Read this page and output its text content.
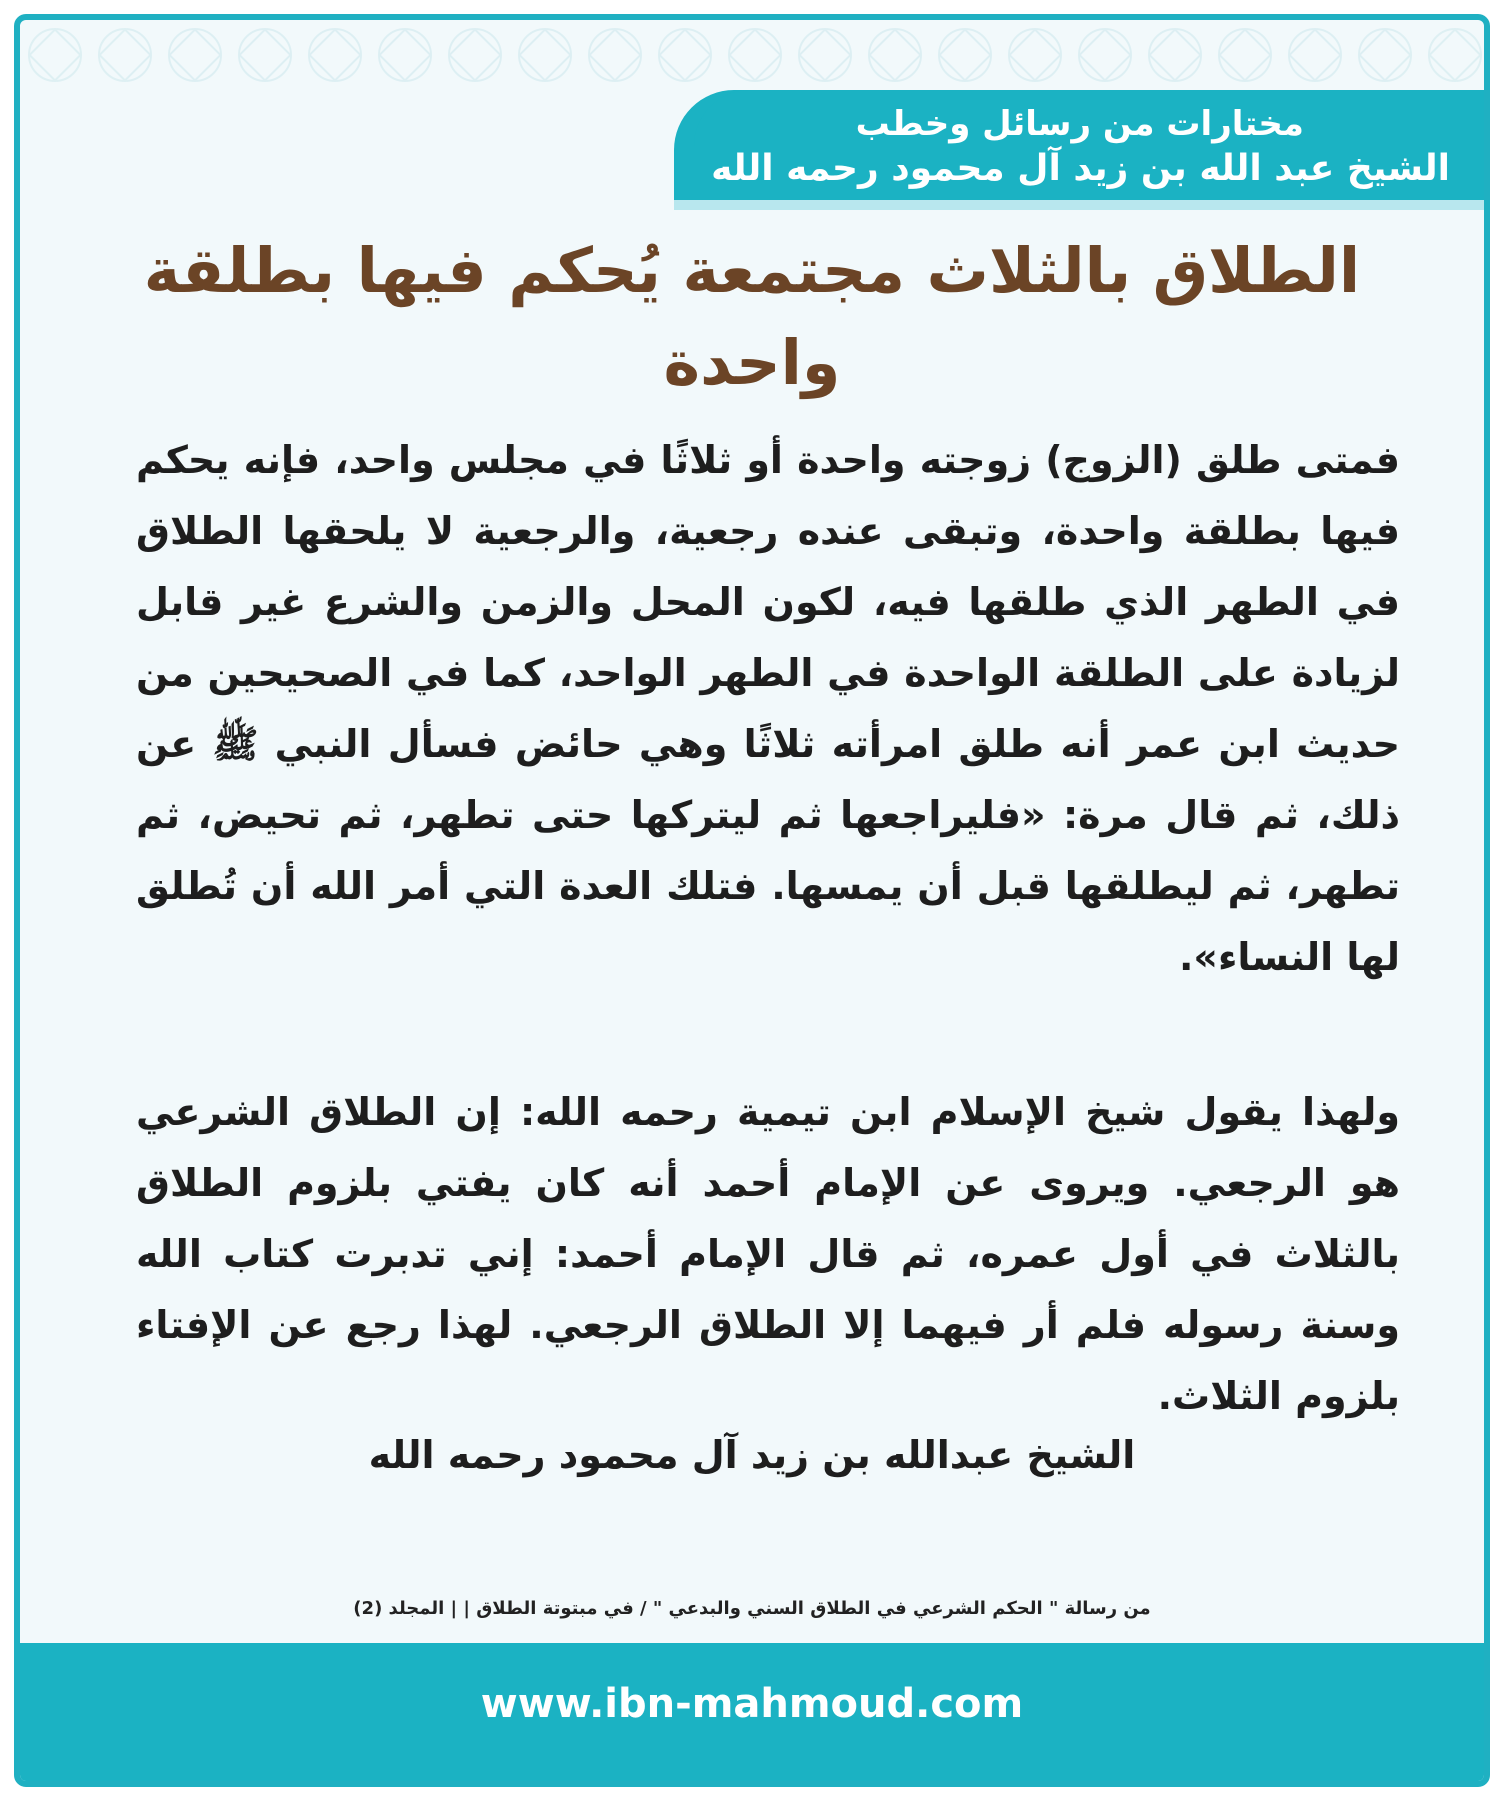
مختارات من رسائل وخطب
الشيخ عبد الله بن زيد آل محمود رحمه الله
الطلاق بالثلاث مجتمعة يُحكم فيها بطلقة واحدة
فمتى طلق (الزوج) زوجته واحدة أو ثلاثًا في مجلس واحد، فإنه يحكم فيها بطلقة واحدة، وتبقى عنده رجعية، والرجعية لا يلحقها الطلاق في الطهر الذي طلقها فيه، لكون المحل والزمن والشرع غير قابل لزيادة على الطلقة الواحدة في الطهر الواحد، كما في الصحيحين من حديث ابن عمر أنه طلق امرأته ثلاثًا وهي حائض فسأل النبي ﷺ عن ذلك، ثم قال مرة: «فليراجعها ثم ليتركها حتى تطهر، ثم تحيض، ثم تطهر، ثم ليطلقها قبل أن يمسها. فتلك العدة التي أمر الله أن تُطلق لها النساء».
ولهذا يقول شيخ الإسلام ابن تيمية رحمه الله: إن الطلاق الشرعي هو الرجعي. ويروى عن الإمام أحمد أنه كان يفتي بلزوم الطلاق بالثلاث في أول عمره، ثم قال الإمام أحمد: إني تدبرت كتاب الله وسنة رسوله فلم أر فيهما إلا الطلاق الرجعي. لهذا رجع عن الإفتاء بلزوم الثلاث.
الشيخ عبدالله بن زيد آل محمود رحمه الله
من رسالة " الحكم الشرعي في الطلاق السني والبدعي " / في مبتوتة الطلاق | | المجلد (2)
www.ibn-mahmoud.com
